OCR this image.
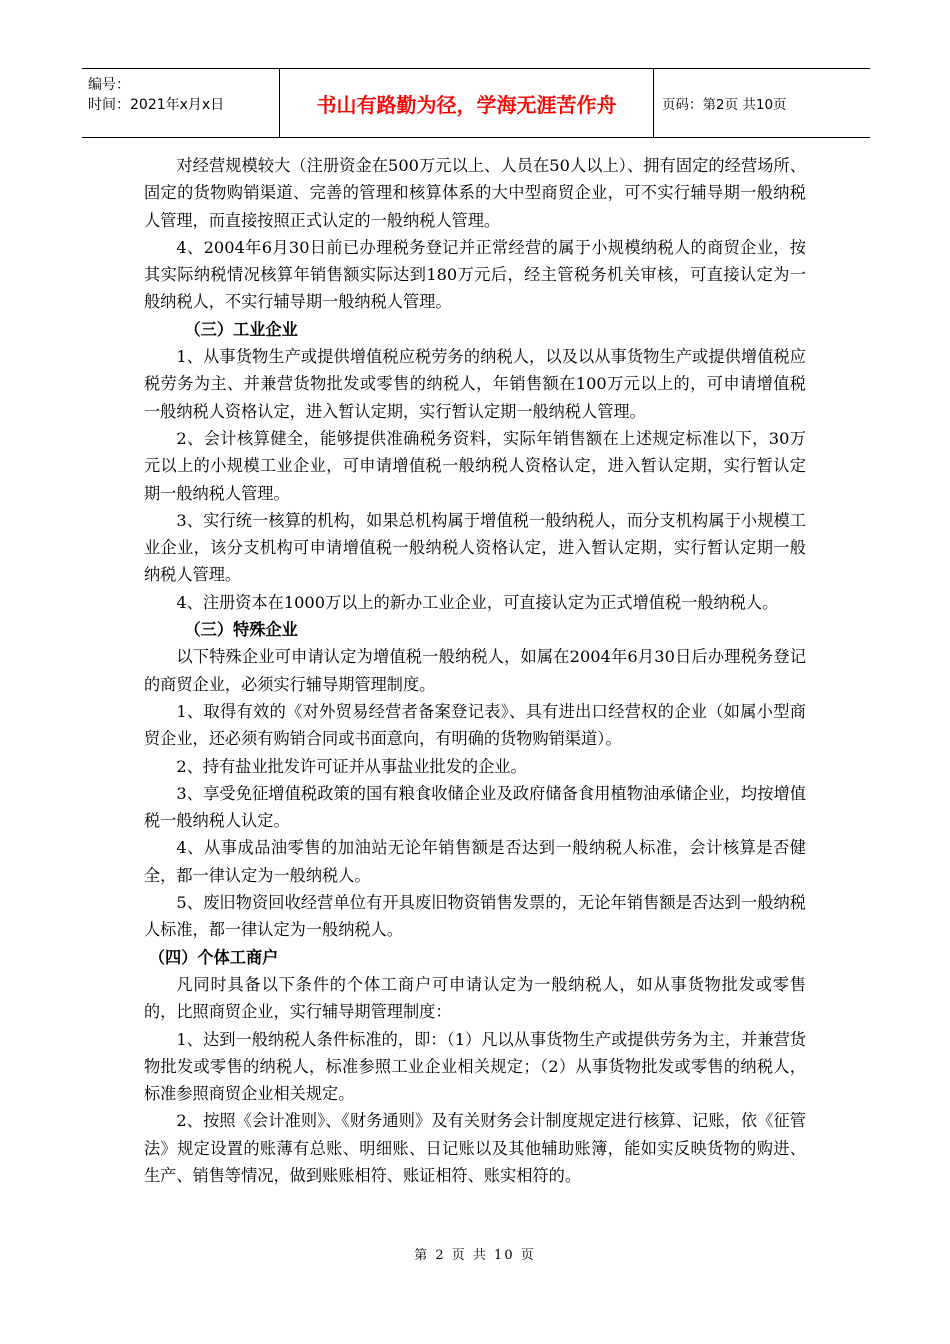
编号：
时间：2021年x月x日	书山有路勤为径，学海无涯苦作舟	页码：第2页 共10页

对经营规模较大（注册资金在500万元以上、人员在50人以上）、拥有固定的经营场所、固定的货物购销渠道、完善的管理和核算体系的大中型商贸企业，可不实行辅导期一般纳税人管理，而直接按照正式认定的一般纳税人管理。

4、2004年6月30日前已办理税务登记并正常经营的属于小规模纳税人的商贸企业，按其实际纳税情况核算年销售额实际达到180万元后，经主管税务机关审核，可直接认定为一般纳税人，不实行辅导期一般纳税人管理。

（三）工业企业

1、从事货物生产或提供增值税应税劳务的纳税人，以及以从事货物生产或提供增值税应税劳务为主、并兼营货物批发或零售的纳税人，年销售额在100万元以上的，可申请增值税一般纳税人资格认定，进入暂认定期，实行暂认定期一般纳税人管理。

2、会计核算健全，能够提供准确税务资料，实际年销售额在上述规定标准以下，30万元以上的小规模工业企业，可申请增值税一般纳税人资格认定，进入暂认定期，实行暂认定期一般纳税人管理。

3、实行统一核算的机构，如果总机构属于增值税一般纳税人，而分支机构属于小规模工业企业，该分支机构可申请增值税一般纳税人资格认定，进入暂认定期，实行暂认定期一般纳税人管理。

4、注册资本在1000万以上的新办工业企业，可直接认定为正式增值税一般纳税人。

（三）特殊企业

以下特殊企业可申请认定为增值税一般纳税人，如属在2004年6月30日后办理税务登记的商贸企业，必须实行辅导期管理制度。

1、取得有效的《对外贸易经营者备案登记表》、具有进出口经营权的企业（如属小型商贸企业，还必须有购销合同或书面意向，有明确的货物购销渠道）。

2、持有盐业批发许可证并从事盐业批发的企业。

3、享受免征增值税政策的国有粮食收储企业及政府储备食用植物油承储企业，均按增值税一般纳税人认定。

4、从事成品油零售的加油站无论年销售额是否达到一般纳税人标准，会计核算是否健全，都一律认定为一般纳税人。

5、废旧物资回收经营单位有开具废旧物资销售发票的，无论年销售额是否达到一般纳税人标准，都一律认定为一般纳税人。

（四）个体工商户

凡同时具备以下条件的个体工商户可申请认定为一般纳税人，如从事货物批发或零售的，比照商贸企业，实行辅导期管理制度：

1、达到一般纳税人条件标准的，即：（1）凡以从事货物生产或提供劳务为主，并兼营货物批发或零售的纳税人，标准参照工业企业相关规定；（2）从事货物批发或零售的纳税人，标准参照商贸企业相关规定。

2、按照《会计准则》、《财务通则》及有关财务会计制度规定进行核算、记账，依《征管法》规定设置的账薄有总账、明细账、日记账以及其他辅助账簿，能如实反映货物的购进、生产、销售等情况，做到账账相符、账证相符、账实相符的。

第 2 页 共 10 页
